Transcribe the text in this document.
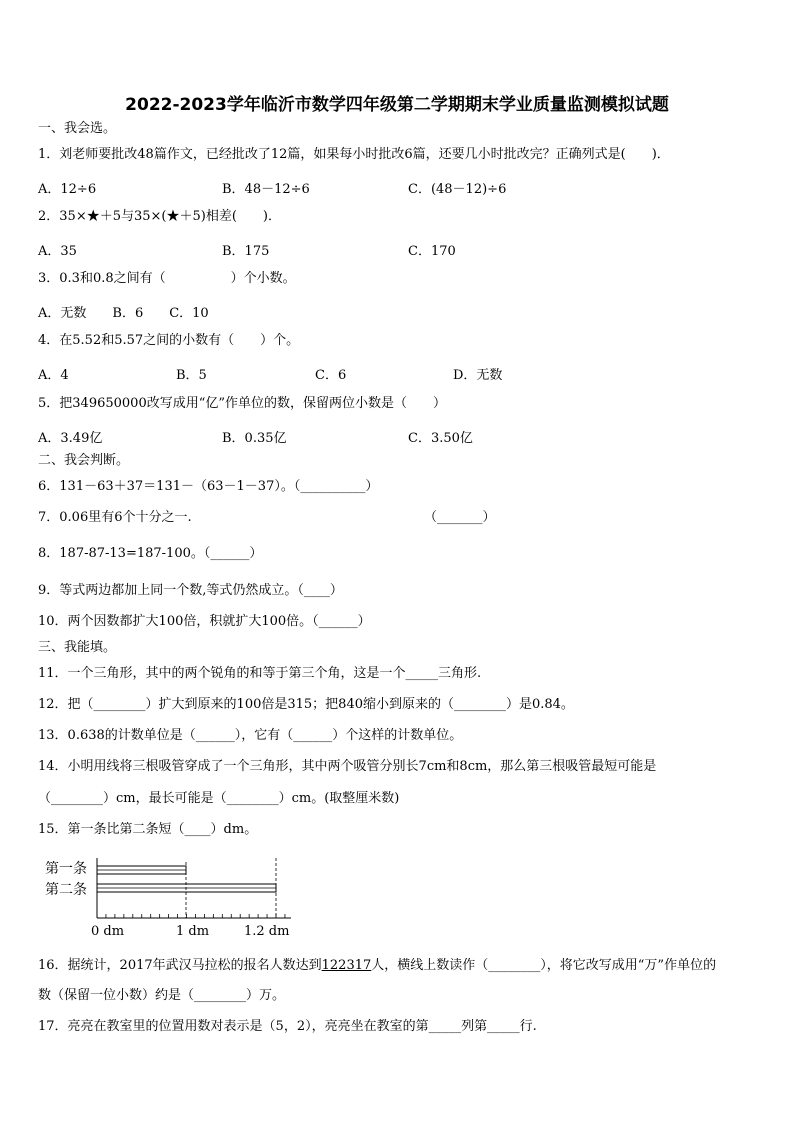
2022-2023学年临沂市数学四年级第二学期期末学业质量监测模拟试题
一、我会选。
1．刘老师要批改48篇作文，已经批改了12篇，如果每小时批改6篇，还要几小时批改完？正确列式是(　　)．
A．12÷6	B．48－12÷6	C．(48－12)÷6
2．35×★＋5与35×(★＋5)相差(　　)．
A．35	B．175	C．170
3．0.3和0.8之间有（　　　　　）个小数。
A．无数　　B．6　　C．10
4．在5.52和5.57之间的小数有（　　）个。
A．4	B．5	C．6	D．无数
5．把349650000改写成用“亿”作单位的数，保留两位小数是（　　）
A．3.49亿	B．0.35亿	C．3.50亿
二、我会判断。
6．131－63＋37＝131－（63－1－37）。（__________）
7．0.06里有6个十分之一.	（_______）
8．187-87-13=187-100。（______）
9．等式两边都加上同一个数,等式仍然成立。（____）
10．两个因数都扩大100倍，积就扩大100倍。（______）
三、我能填。
11．一个三角形，其中的两个锐角的和等于第三个角，这是一个_____三角形.
12．把（________）扩大到原来的100倍是315；把840缩小到原来的（________）是0.84。
13．0.638的计数单位是（______），它有（______）个这样的计数单位。
14．小明用线将三根吸管穿成了一个三角形，其中两个吸管分别长7cm和8cm，那么第三根吸管最短可能是
（________）cm，最长可能是（________）cm。(取整厘米数)
15．第一条比第二条短（____）dm。
第一条
第二条
0 dm	1 dm	1.2 dm
16．据统计，2017年武汉马拉松的报名人数达到122317人，横线上数读作（________），将它改写成用“万”作单位的
数（保留一位小数）约是（________）万。
17．亮亮在教室里的位置用数对表示是（5，2），亮亮坐在教室的第_____列第_____行.
